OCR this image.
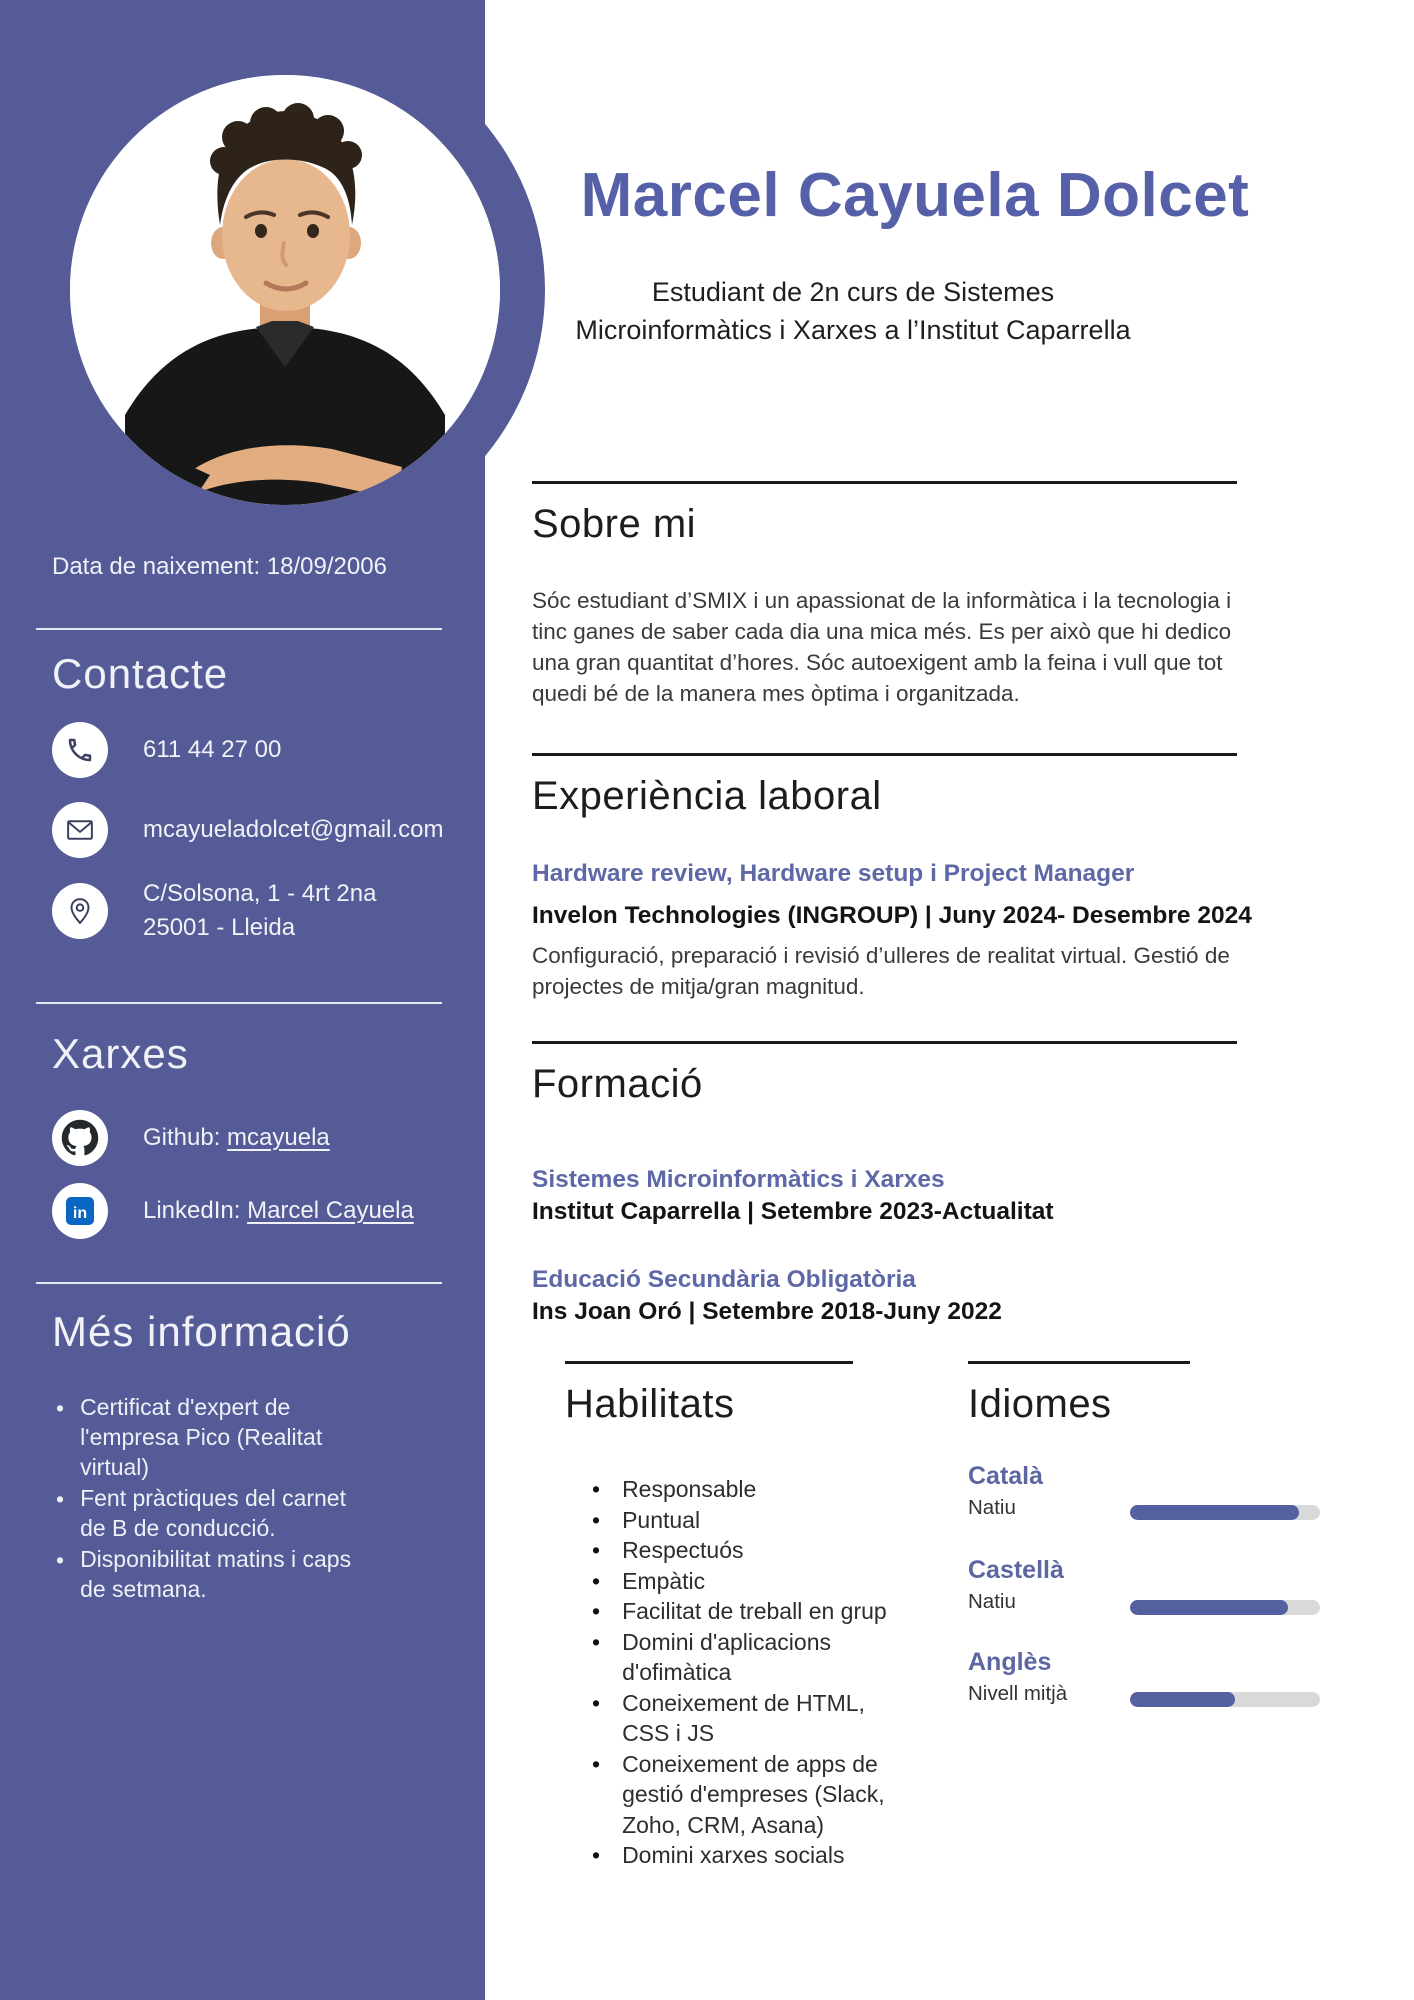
Data de naixement: 18/09/2006
Contacte
611 44 27 00
mcayueladolcet@gmail.com
C/Solsona, 1 - 4rt 2na
25001 - Lleida
Xarxes
Github: mcayuela
in LinkedIn: Marcel Cayuela
Més informació
• Certificat d'expert de l'empresa Pico (Realitat virtual)
• Fent pràctiques del carnet de B de conducció.
• Disponibilitat matins i caps de setmana.
Marcel Cayuela Dolcet
Estudiant de 2n curs de Sistemes
Microinformàtics i Xarxes a l’Institut Caparrella
Sobre mi
Sóc estudiant d’SMIX i un apassionat de la informàtica i la tecnologia i tinc ganes de saber cada dia una mica més. Es per això que hi dedico una gran quantitat d’hores. Sóc autoexigent amb la feina i vull que tot quedi bé de la manera mes òptima i organitzada.
Experiència laboral
Hardware review, Hardware setup i Project Manager
Invelon Technologies (INGROUP) | Juny 2024- Desembre 2024
Configuració, preparació i revisió d’ulleres de realitat virtual. Gestió de projectes de mitja/gran magnitud.
Formació
Sistemes Microinformàtics i Xarxes
Institut Caparrella | Setembre 2023-Actualitat
Educació Secundària Obligatòria
Ins Joan Oró | Setembre 2018-Juny 2022
Habilitats
• Responsable
• Puntual
• Respectuós
• Empàtic
• Facilitat de treball en grup
• Domini d'aplicacions d'ofimàtica
• Coneixement de HTML, CSS i JS
• Coneixement de apps de gestió d'empreses (Slack, Zoho, CRM, Asana)
• Domini xarxes socials
Idiomes
Català
Natiu
Castellà
Natiu
Anglès
Nivell mitjà
